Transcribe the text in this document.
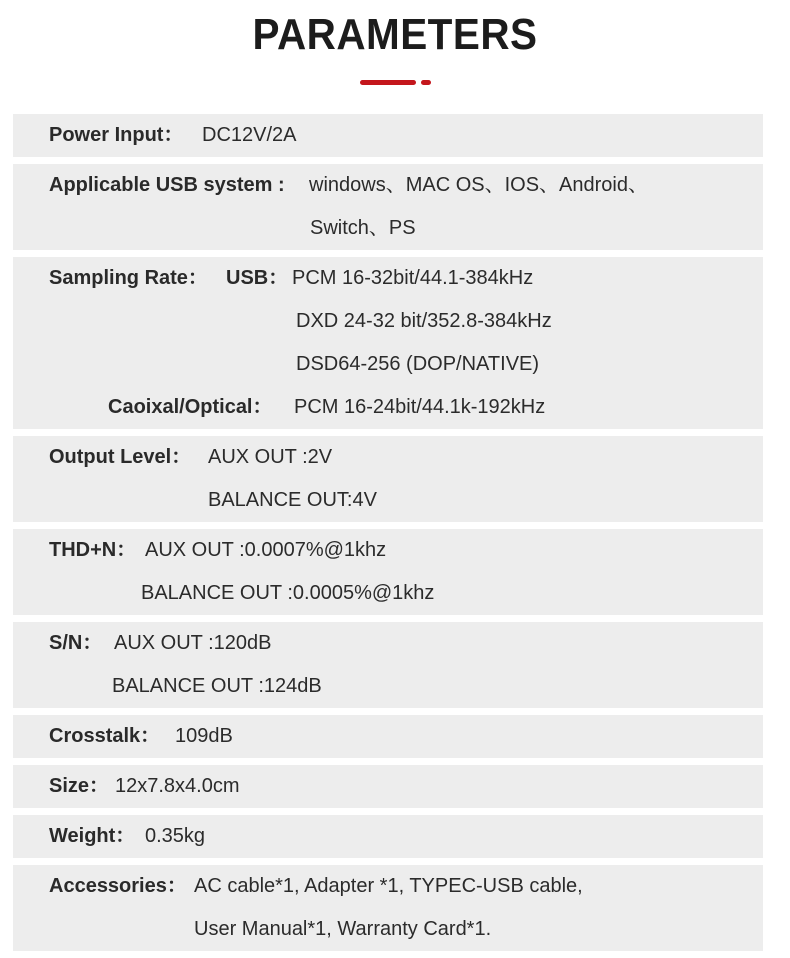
PARAMETERS
Power Input： DC12V/2A
Applicable USB system : windows、MAC OS、IOS、Android、
Switch、PS
Sampling Rate： USB： PCM 16-32bit/44.1-384kHz
DXD 24-32 bit/352.8-384kHz
DSD64-256 (DOP/NATIVE)
Caoixal/Optical： PCM 16-24bit/44.1k-192kHz
Output Level： AUX OUT :2V
BALANCE OUT:4V
THD+N： AUX OUT :0.0007%@1khz
BALANCE OUT :0.0005%@1khz
S/N： AUX OUT :120dB
BALANCE OUT :124dB
Crosstalk： 109dB
Size： 12x7.8x4.0cm
Weight： 0.35kg
Accessories： AC cable*1, Adapter *1, TYPEC-USB cable,
User Manual*1, Warranty Card*1.
